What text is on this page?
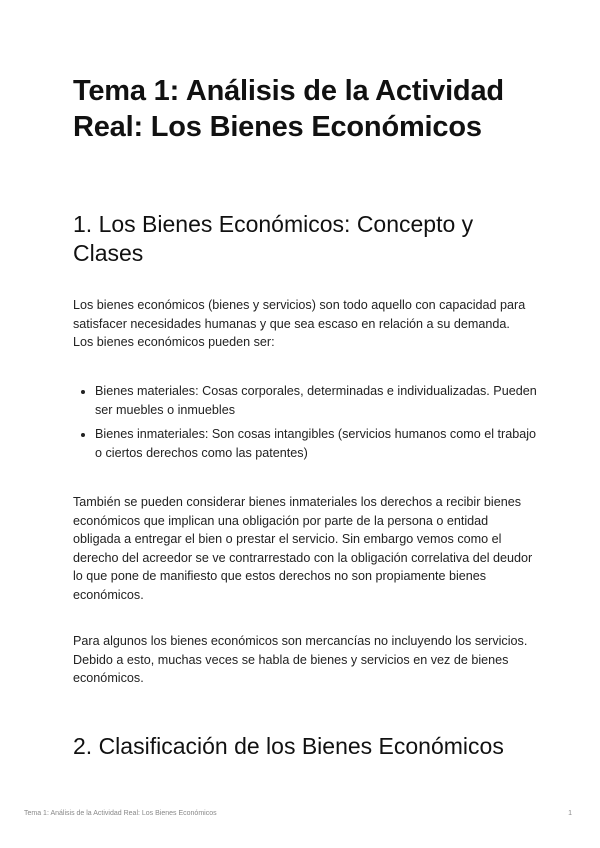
Tema 1: Análisis de la Actividad Real: Los Bienes Económicos
1. Los Bienes Económicos: Concepto y Clases

Los bienes económicos (bienes y servicios) son todo aquello con capacidad para satisfacer necesidades humanas y que sea escaso en relación a su demanda. Los bienes económicos pueden ser:

• Bienes materiales: Cosas corporales, determinadas e individualizadas. Pueden ser muebles o inmuebles
• Bienes inmateriales: Son cosas intangibles (servicios humanos como el trabajo o ciertos derechos como las patentes)

También se pueden considerar bienes inmateriales los derechos a recibir bienes económicos que implican una obligación por parte de la persona o entidad obligada a entregar el bien o prestar el servicio. Sin embargo vemos como el derecho del acreedor se ve contrarrestado con la obligación correlativa del deudor lo que pone de manifiesto que estos derechos no son propiamente bienes económicos.

Para algunos los bienes económicos son mercancías no incluyendo los servicios. Debido a esto, muchas veces se habla de bienes y servicios en vez de bienes económicos.

2. Clasificación de los Bienes Económicos
Tema 1: Análisis de la Actividad Real: Los Bienes Económicos	1
